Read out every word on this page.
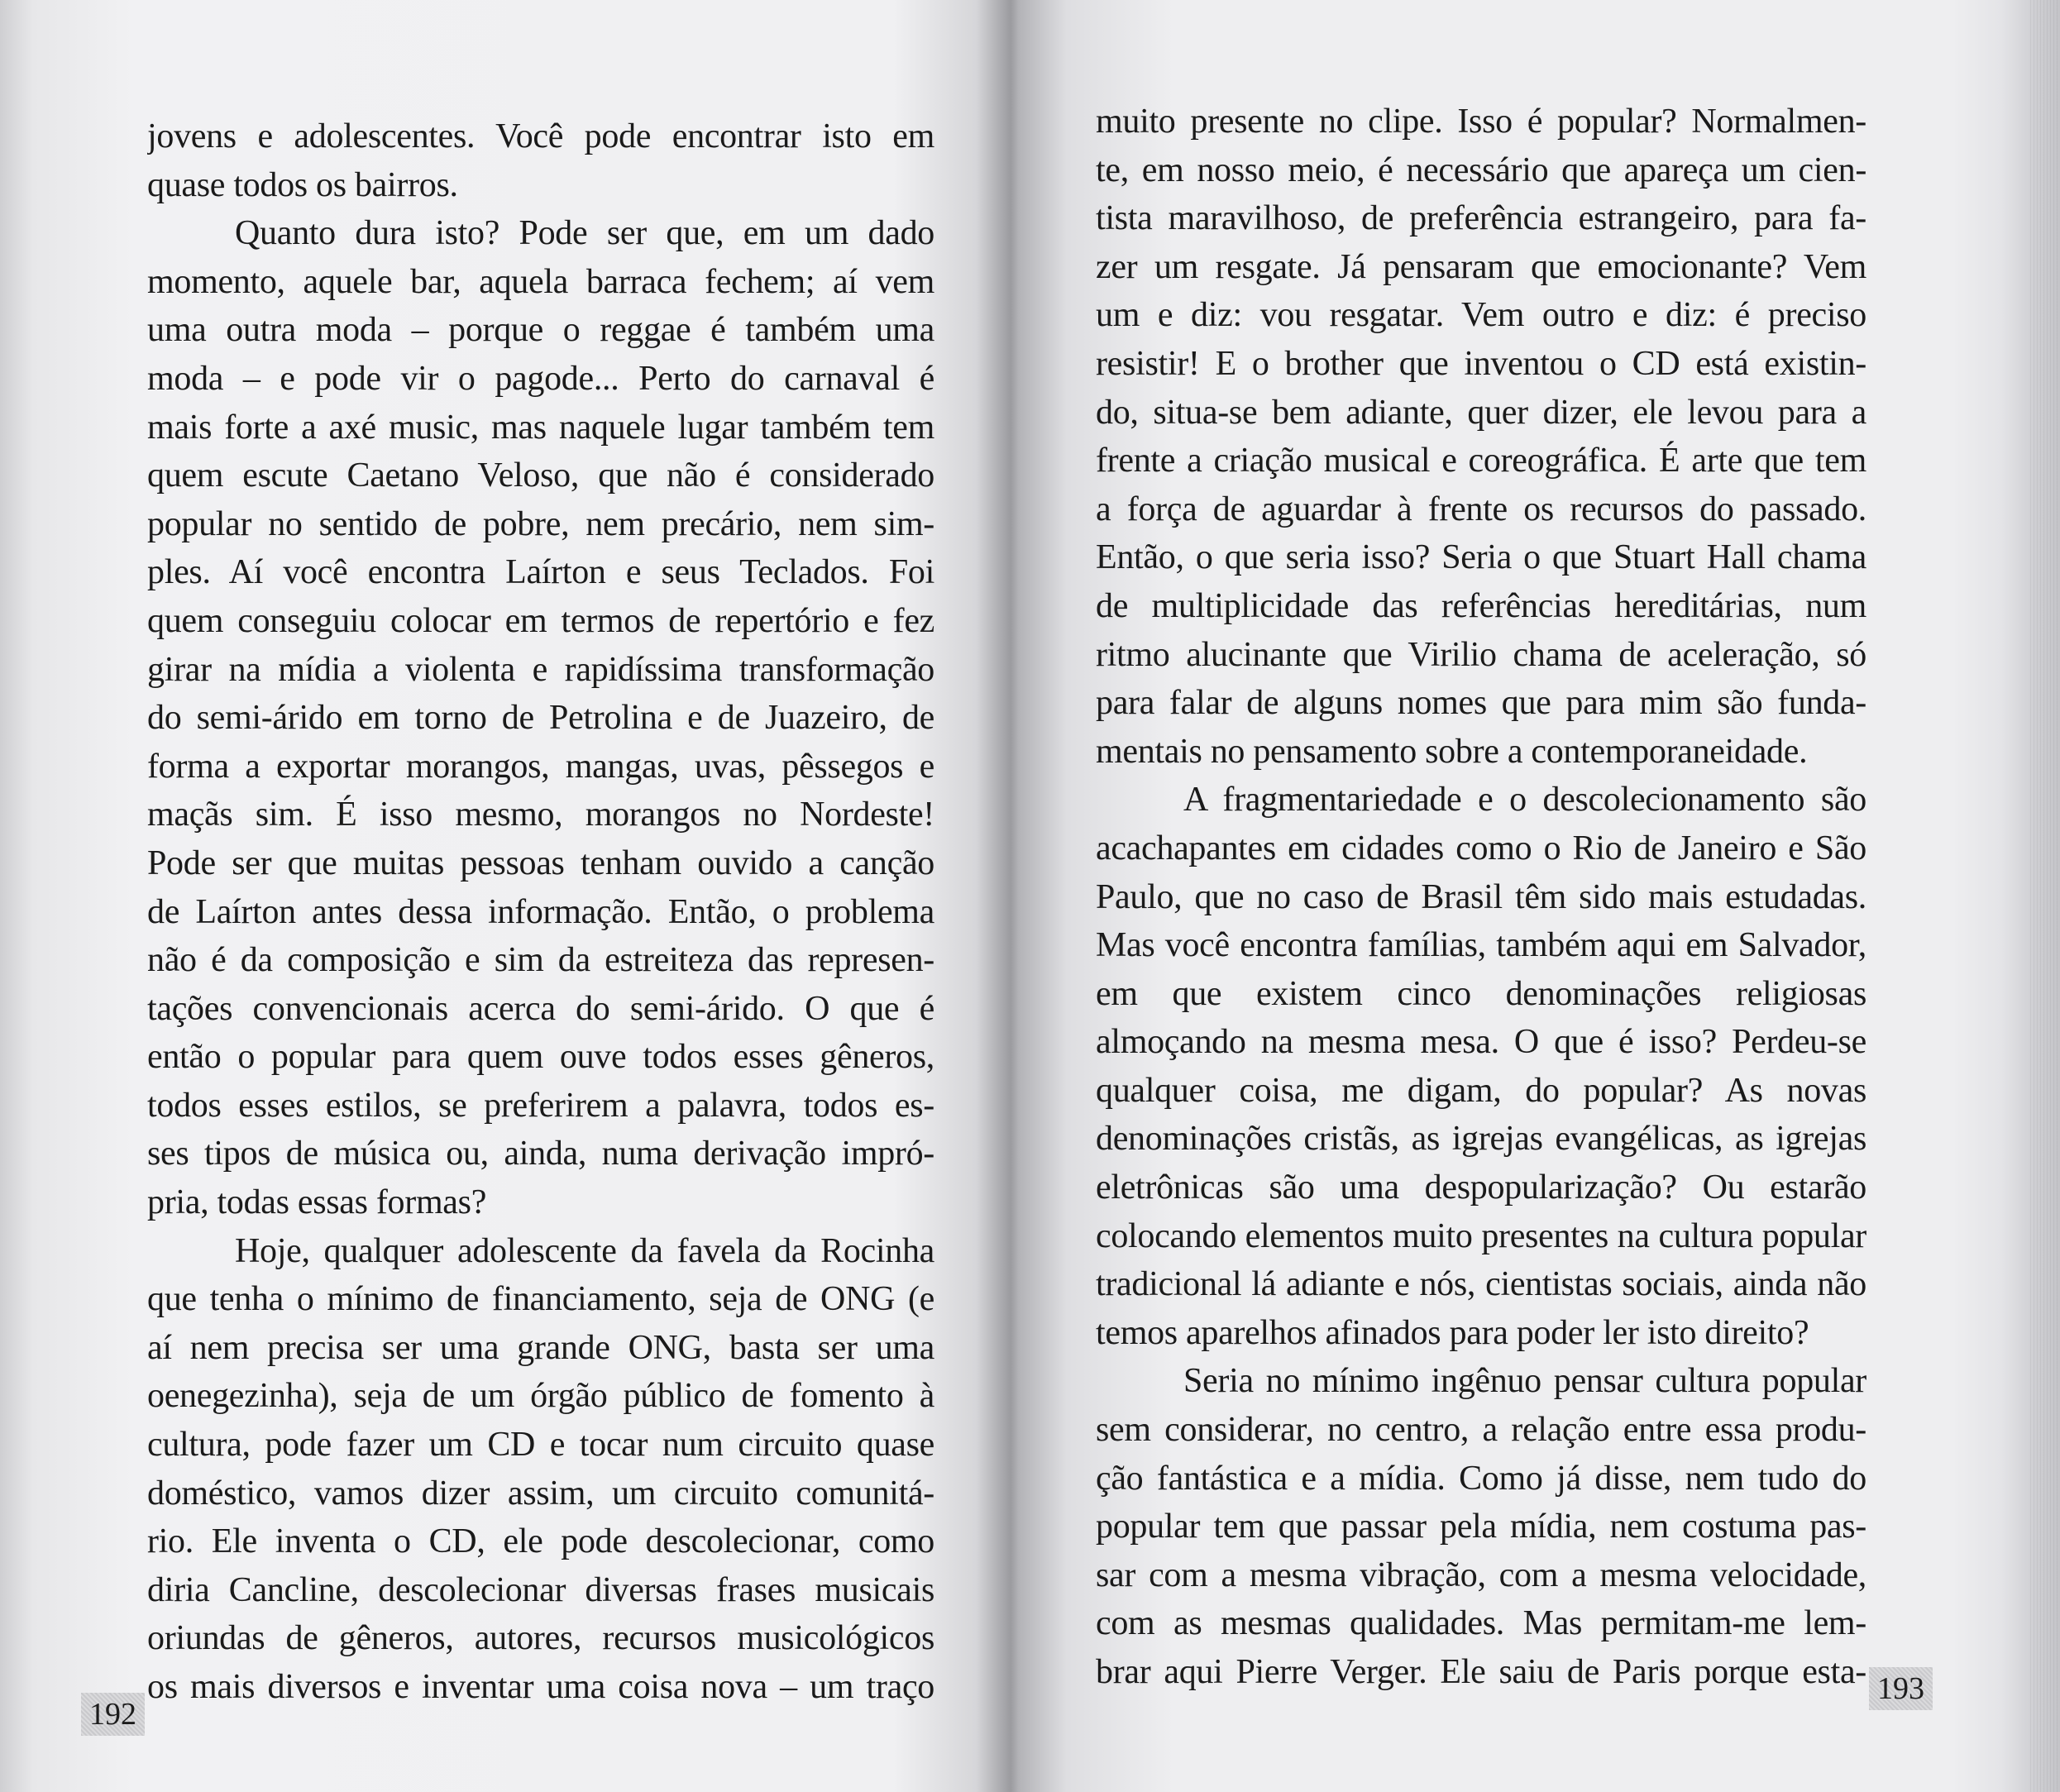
jovens e adolescentes. Você pode encontrar isto em
quase todos os bairros.
Quanto dura isto? Pode ser que, em um dado
momento, aquele bar, aquela barraca fechem; aí vem
uma outra moda – porque o reggae é também uma
moda – e pode vir o pagode... Perto do carnaval é
mais forte a axé music, mas naquele lugar também tem
quem escute Caetano Veloso, que não é considerado
popular no sentido de pobre, nem precário, nem sim-
ples. Aí você encontra Laírton e seus Teclados. Foi
quem conseguiu colocar em termos de repertório e fez
girar na mídia a violenta e rapidíssima transformação
do semi-árido em torno de Petrolina e de Juazeiro, de
forma a exportar morangos, mangas, uvas, pêssegos e
maçãs sim. É isso mesmo, morangos no Nordeste!
Pode ser que muitas pessoas tenham ouvido a canção
de Laírton antes dessa informação. Então, o problema
não é da composição e sim da estreiteza das represen-
tações convencionais acerca do semi-árido. O que é
então o popular para quem ouve todos esses gêneros,
todos esses estilos, se preferirem a palavra, todos es-
ses tipos de música ou, ainda, numa derivação impró-
pria, todas essas formas?
Hoje, qualquer adolescente da favela da Rocinha
que tenha o mínimo de financiamento, seja de ONG (e
aí nem precisa ser uma grande ONG, basta ser uma
oenegezinha), seja de um órgão público de fomento à
cultura, pode fazer um CD e tocar num circuito quase
doméstico, vamos dizer assim, um circuito comunitá-
rio. Ele inventa o CD, ele pode descolecionar, como
diria Cancline, descolecionar diversas frases musicais
oriundas de gêneros, autores, recursos musicológicos
os mais diversos e inventar uma coisa nova – um traço
192
muito presente no clipe. Isso é popular? Normalmen-
te, em nosso meio, é necessário que apareça um cien-
tista maravilhoso, de preferência estrangeiro, para fa-
zer um resgate. Já pensaram que emocionante? Vem
um e diz: vou resgatar. Vem outro e diz: é preciso
resistir! E o brother que inventou o CD está existin-
do, situa-se bem adiante, quer dizer, ele levou para a
frente a criação musical e coreográfica. É arte que tem
a força de aguardar à frente os recursos do passado.
Então, o que seria isso? Seria o que Stuart Hall chama
de multiplicidade das referências hereditárias, num
ritmo alucinante que Virilio chama de aceleração, só
para falar de alguns nomes que para mim são funda-
mentais no pensamento sobre a contemporaneidade.
A fragmentariedade e o descolecionamento são
acachapantes em cidades como o Rio de Janeiro e São
Paulo, que no caso de Brasil têm sido mais estudadas.
Mas você encontra famílias, também aqui em Salvador,
em que existem cinco denominações religiosas
almoçando na mesma mesa. O que é isso? Perdeu-se
qualquer coisa, me digam, do popular? As novas
denominações cristãs, as igrejas evangélicas, as igrejas
eletrônicas são uma despopularização? Ou estarão
colocando elementos muito presentes na cultura popular
tradicional lá adiante e nós, cientistas sociais, ainda não
temos aparelhos afinados para poder ler isto direito?
Seria no mínimo ingênuo pensar cultura popular
sem considerar, no centro, a relação entre essa produ-
ção fantástica e a mídia. Como já disse, nem tudo do
popular tem que passar pela mídia, nem costuma pas-
sar com a mesma vibração, com a mesma velocidade,
com as mesmas qualidades. Mas permitam-me lem-
brar aqui Pierre Verger. Ele saiu de Paris porque esta- 193
